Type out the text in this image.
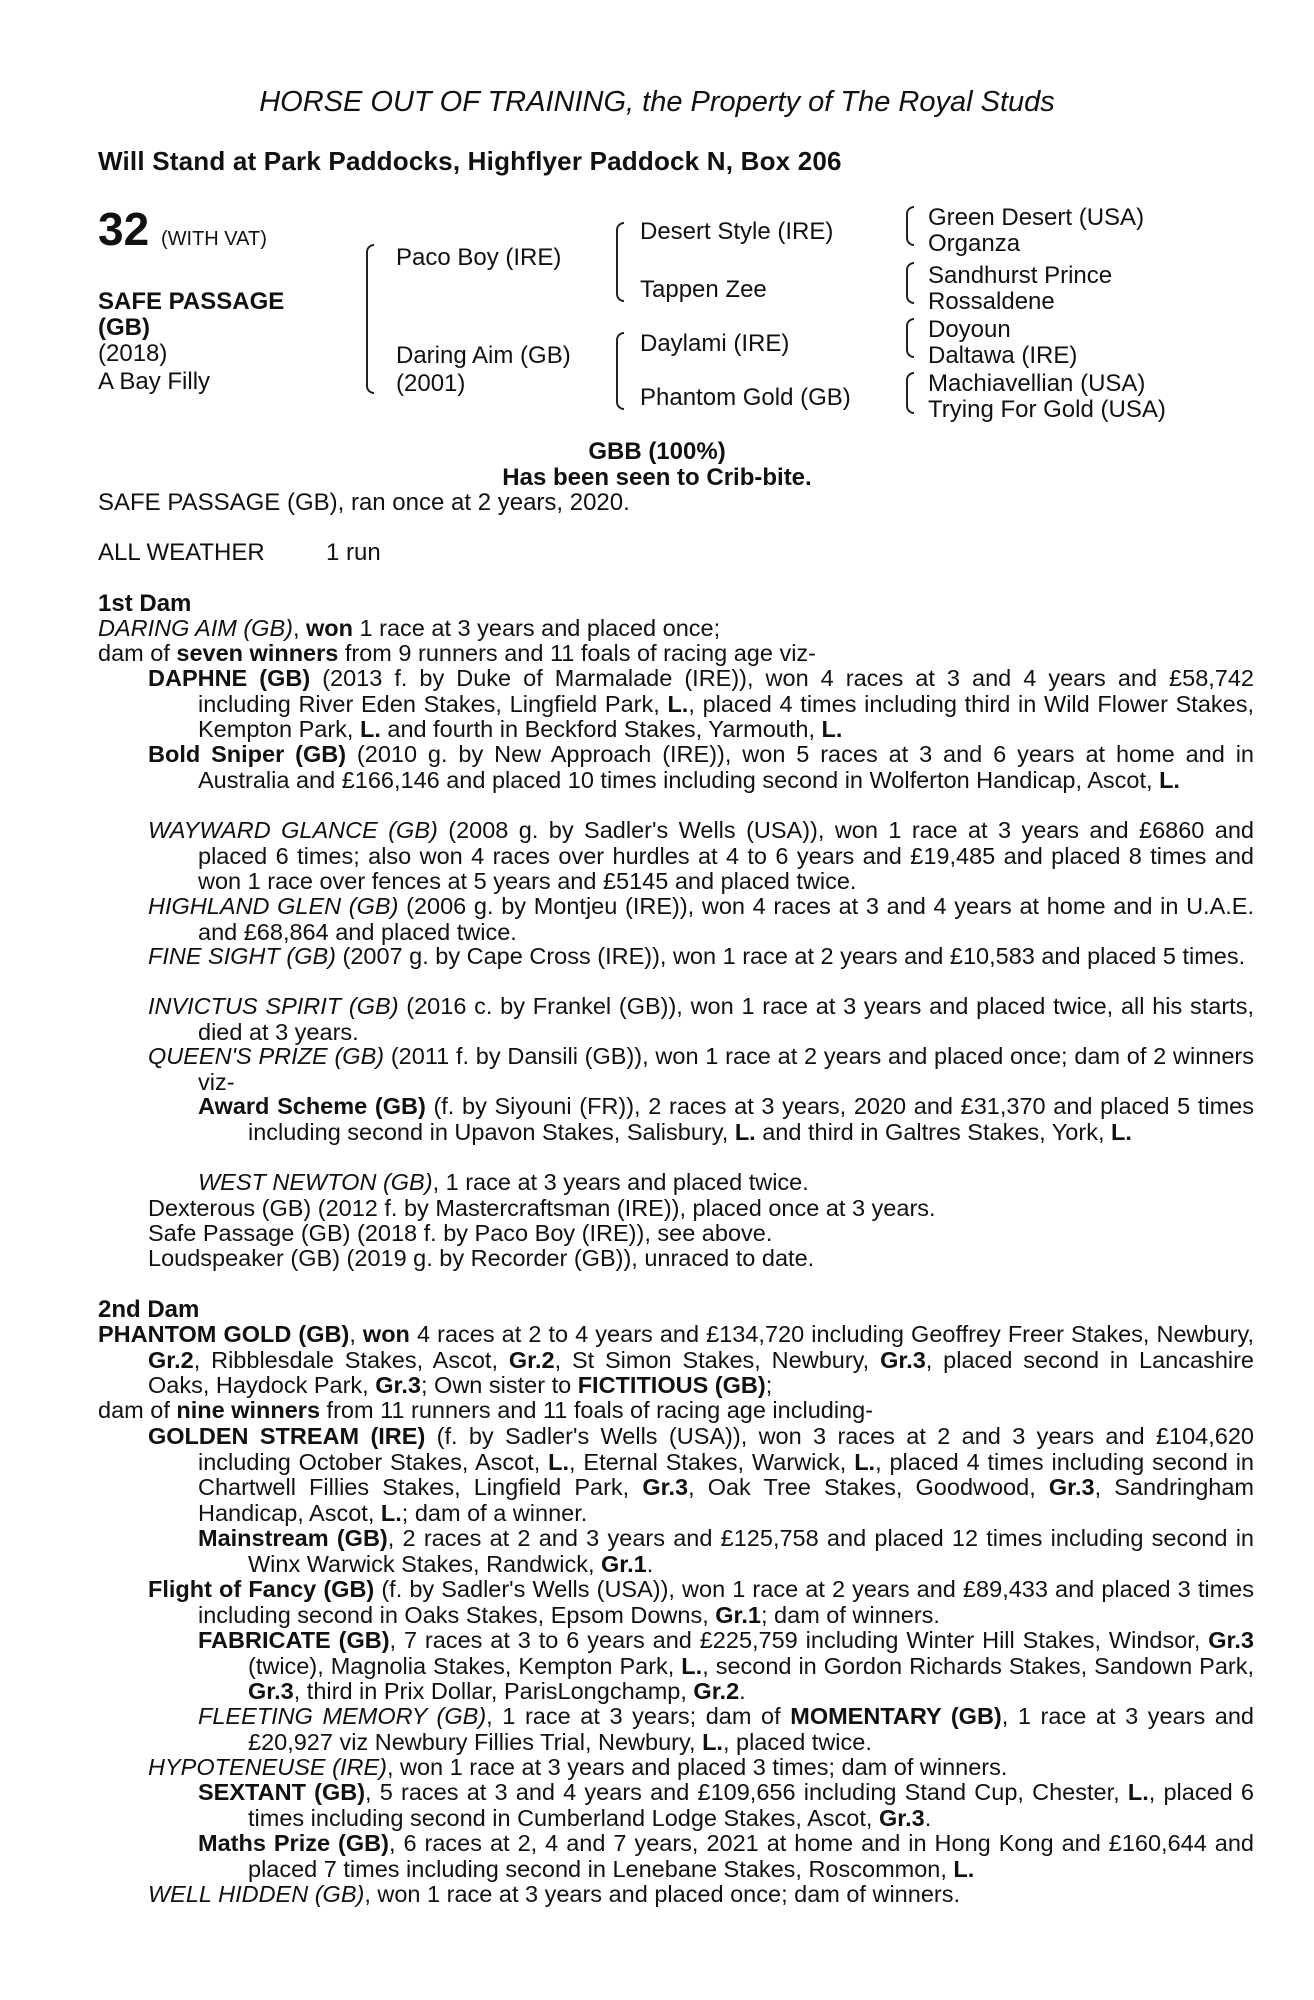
HORSE OUT OF TRAINING, the Property of The Royal Studs
Will Stand at Park Paddocks, Highflyer Paddock N, Box 206
32 (WITH VAT)
SAFE PASSAGE
(GB)
(2018)
A Bay Filly
Paco Boy (IRE)
Daring Aim (GB)
(2001)
Desert Style (IRE)
Tappen Zee
Daylami (IRE)
Phantom Gold (GB)
Green Desert (USA)
Organza
Sandhurst Prince
Rossaldene
Doyoun
Daltawa (IRE)
Machiavellian (USA)
Trying For Gold (USA)
GBB (100%)
Has been seen to Crib-bite.
SAFE PASSAGE (GB), ran once at 2 years, 2020.
ALL WEATHER	1 run
1st Dam
DARING AIM (GB), won 1 race at 3 years and placed once;
dam of seven winners from 9 runners and 11 foals of racing age viz-
DAPHNE (GB) (2013 f. by Duke of Marmalade (IRE)), won 4 races at 3 and 4 years and £58,742 including River Eden Stakes, Lingfield Park, L., placed 4 times including third in Wild Flower Stakes, Kempton Park, L. and fourth in Beckford Stakes, Yarmouth, L.
Bold Sniper (GB) (2010 g. by New Approach (IRE)), won 5 races at 3 and 6 years at home and in Australia and £166,146 and placed 10 times including second in Wolferton Handicap, Ascot, L.
WAYWARD GLANCE (GB) (2008 g. by Sadler's Wells (USA)), won 1 race at 3 years and £6860 and placed 6 times; also won 4 races over hurdles at 4 to 6 years and £19,485 and placed 8 times and won 1 race over fences at 5 years and £5145 and placed twice.
HIGHLAND GLEN (GB) (2006 g. by Montjeu (IRE)), won 4 races at 3 and 4 years at home and in U.A.E. and £68,864 and placed twice.
FINE SIGHT (GB) (2007 g. by Cape Cross (IRE)), won 1 race at 2 years and £10,583 and placed 5 times.
INVICTUS SPIRIT (GB) (2016 c. by Frankel (GB)), won 1 race at 3 years and placed twice, all his starts, died at 3 years.
QUEEN'S PRIZE (GB) (2011 f. by Dansili (GB)), won 1 race at 2 years and placed once; dam of 2 winners viz-
Award Scheme (GB) (f. by Siyouni (FR)), 2 races at 3 years, 2020 and £31,370 and placed 5 times including second in Upavon Stakes, Salisbury, L. and third in Galtres Stakes, York, L.
WEST NEWTON (GB), 1 race at 3 years and placed twice.
Dexterous (GB) (2012 f. by Mastercraftsman (IRE)), placed once at 3 years.
Safe Passage (GB) (2018 f. by Paco Boy (IRE)), see above.
Loudspeaker (GB) (2019 g. by Recorder (GB)), unraced to date.
2nd Dam
PHANTOM GOLD (GB), won 4 races at 2 to 4 years and £134,720 including Geoffrey Freer Stakes, Newbury, Gr.2, Ribblesdale Stakes, Ascot, Gr.2, St Simon Stakes, Newbury, Gr.3, placed second in Lancashire Oaks, Haydock Park, Gr.3; Own sister to FICTITIOUS (GB);
dam of nine winners from 11 runners and 11 foals of racing age including-
GOLDEN STREAM (IRE) (f. by Sadler's Wells (USA)), won 3 races at 2 and 3 years and £104,620 including October Stakes, Ascot, L., Eternal Stakes, Warwick, L., placed 4 times including second in Chartwell Fillies Stakes, Lingfield Park, Gr.3, Oak Tree Stakes, Goodwood, Gr.3, Sandringham Handicap, Ascot, L.; dam of a winner.
Mainstream (GB), 2 races at 2 and 3 years and £125,758 and placed 12 times including second in Winx Warwick Stakes, Randwick, Gr.1.
Flight of Fancy (GB) (f. by Sadler's Wells (USA)), won 1 race at 2 years and £89,433 and placed 3 times including second in Oaks Stakes, Epsom Downs, Gr.1; dam of winners.
FABRICATE (GB), 7 races at 3 to 6 years and £225,759 including Winter Hill Stakes, Windsor, Gr.3 (twice), Magnolia Stakes, Kempton Park, L., second in Gordon Richards Stakes, Sandown Park, Gr.3, third in Prix Dollar, ParisLongchamp, Gr.2.
FLEETING MEMORY (GB), 1 race at 3 years; dam of MOMENTARY (GB), 1 race at 3 years and £20,927 viz Newbury Fillies Trial, Newbury, L., placed twice.
HYPOTENEUSE (IRE), won 1 race at 3 years and placed 3 times; dam of winners.
SEXTANT (GB), 5 races at 3 and 4 years and £109,656 including Stand Cup, Chester, L., placed 6 times including second in Cumberland Lodge Stakes, Ascot, Gr.3.
Maths Prize (GB), 6 races at 2, 4 and 7 years, 2021 at home and in Hong Kong and £160,644 and placed 7 times including second in Lenebane Stakes, Roscommon, L.
WELL HIDDEN (GB), won 1 race at 3 years and placed once; dam of winners.
